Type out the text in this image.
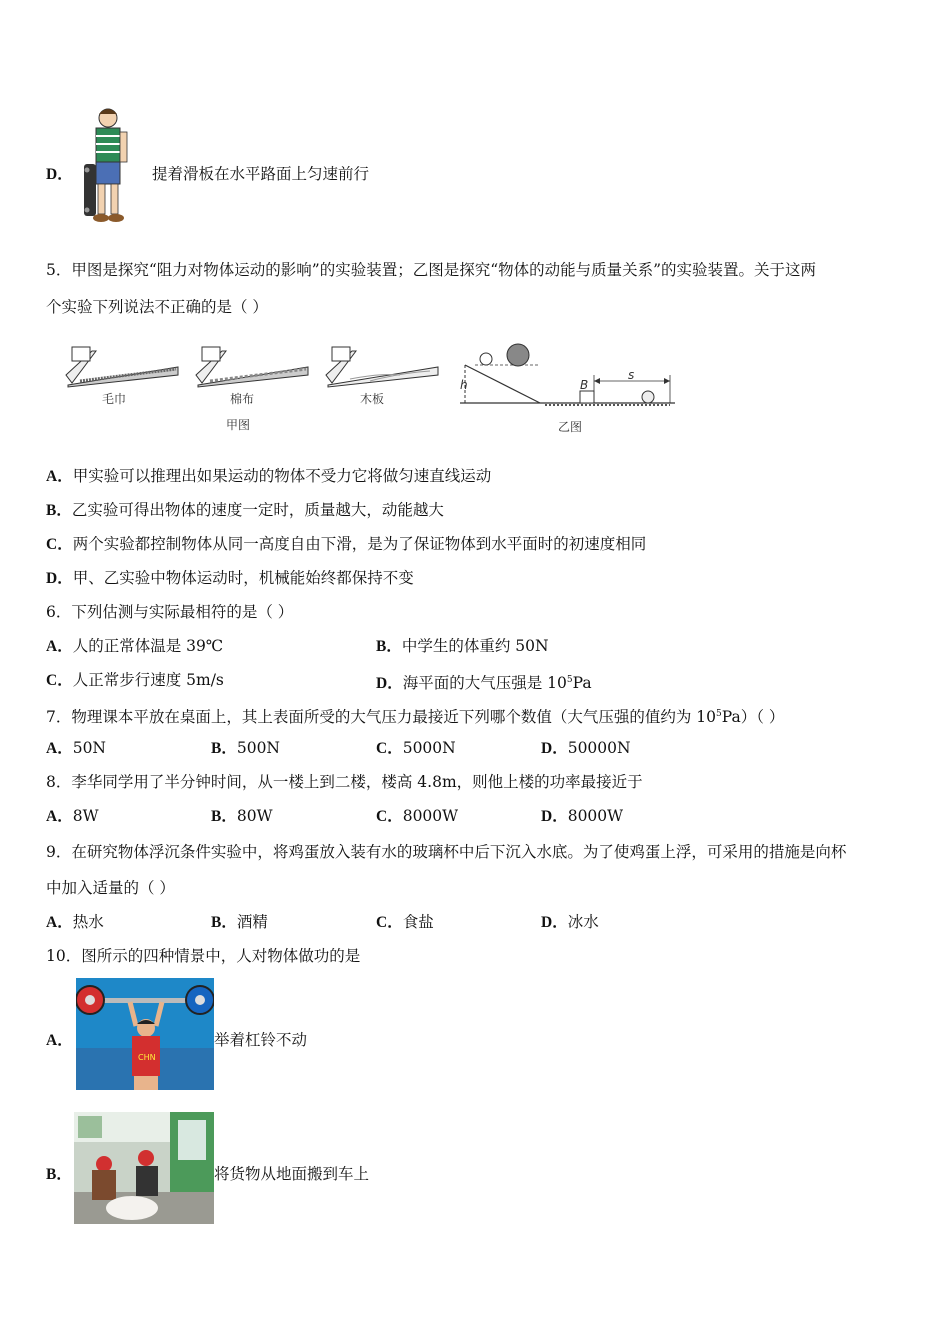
D．	提着滑板在水平路面上匀速前行
5．甲图是探究“阻力对物体运动的影响”的实验装置；乙图是探究“物体的动能与质量关系”的实验装置。关于这两
个实验下列说法不正确的是（ ）
毛巾	棉布	木板
甲图
h
s
B
乙图
A．甲实验可以推理出如果运动的物体不受力它将做匀速直线运动
B．乙实验可得出物体的速度一定时，质量越大，动能越大
C．两个实验都控制物体从同一高度自由下滑，是为了保证物体到水平面时的初速度相同
D．甲、乙实验中物体运动时，机械能始终都保持不变
6．下列估测与实际最相符的是（ ）
A．人的正常体温是 39℃	B．中学生的体重约 50N
C．人正常步行速度 5m/s	D．海平面的大气压强是 $10^5Pa$
7．物理课本平放在桌面上，其上表面所受的大气压力最接近下列哪个数值（大气压强的值约为 $10^5Pa$）（ ）
A．50N	B．500N	C．5000N	D．50000N
8．李华同学用了半分钟时间，从一楼上到二楼，楼高 4.8m，则他上楼的功率最接近于
A．8W	B．80W	C．8000W	D．8000W
9．在研究物体浮沉条件实验中，将鸡蛋放入装有水的玻璃杯中后下沉入水底。为了使鸡蛋上浮，可采用的措施是向杯
中加入适量的（ ）
A．热水	B．酒精	C．食盐	D．冰水
10．图所示的四种情景中，人对物体做功的是
A．
CHN
举着杠铃不动
B．	将货物从地面搬到车上
